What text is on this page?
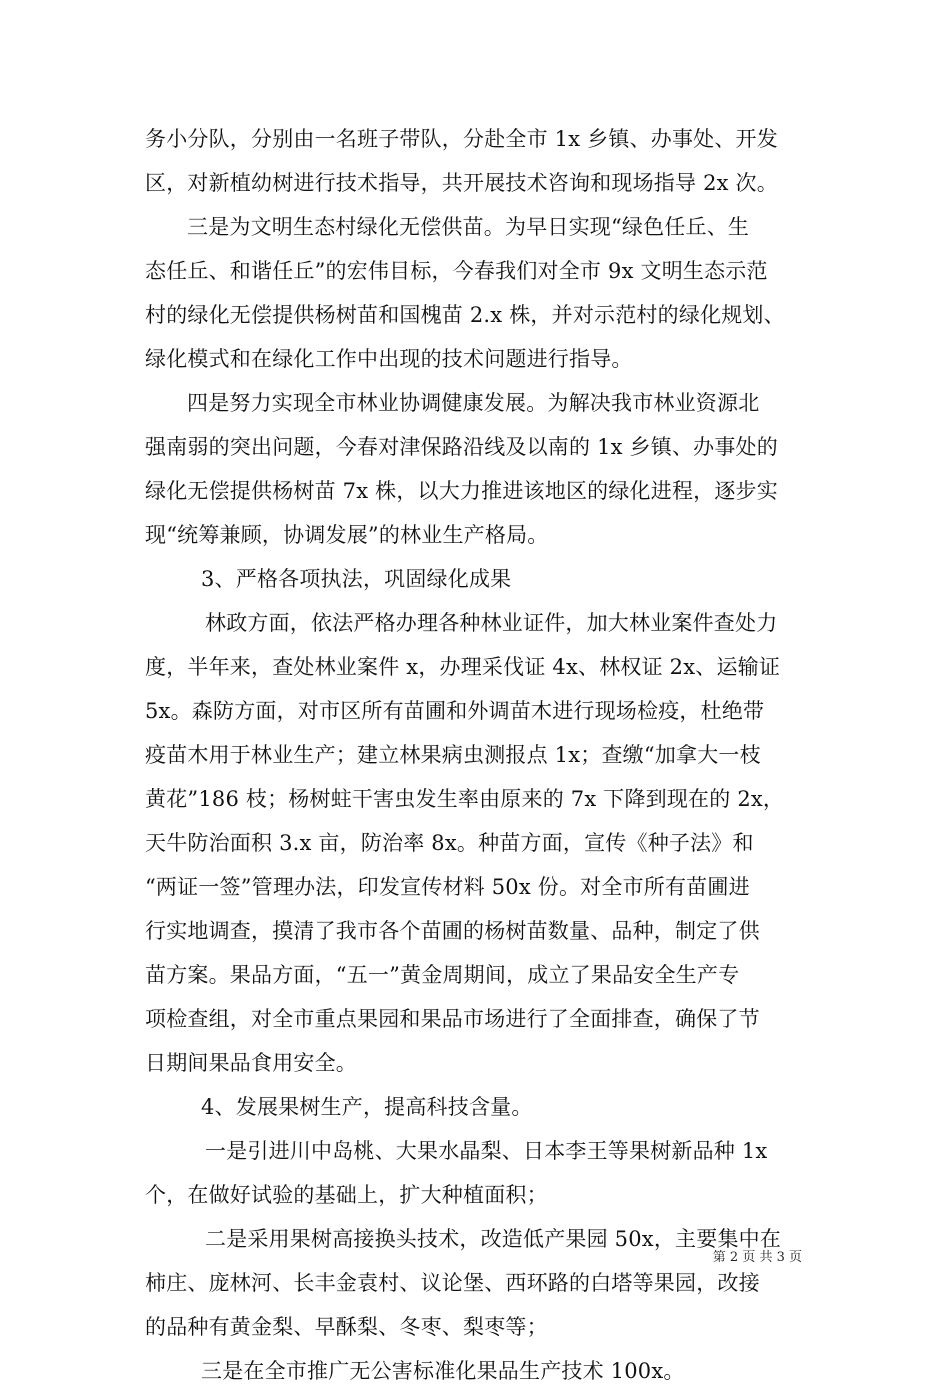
务小分队，分别由一名班子带队，分赴全市 1x 乡镇、办事处、开发
区，对新植幼树进行技术指导，共开展技术咨询和现场指导 2x 次。
三是为文明生态村绿化无偿供苗。为早日实现“绿色任丘、生
态任丘、和谐任丘”的宏伟目标，今春我们对全市 9x 文明生态示范
村的绿化无偿提供杨树苗和国槐苗 2.x 株，并对示范村的绿化规划、
绿化模式和在绿化工作中出现的技术问题进行指导。
四是努力实现全市林业协调健康发展。为解决我市林业资源北
强南弱的突出问题，今春对津保路沿线及以南的 1x 乡镇、办事处的
绿化无偿提供杨树苗 7x 株，以大力推进该地区的绿化进程，逐步实
现“统筹兼顾，协调发展”的林业生产格局。
3、严格各项执法，巩固绿化成果
林政方面，依法严格办理各种林业证件，加大林业案件查处力
度，半年来，查处林业案件 x，办理采伐证 4x、林权证 2x、运输证
5x。森防方面，对市区所有苗圃和外调苗木进行现场检疫，杜绝带
疫苗木用于林业生产；建立林果病虫测报点 1x；查缴“加拿大一枝
黄花”186 枝；杨树蛀干害虫发生率由原来的 7x 下降到现在的 2x，
天牛防治面积 3.x 亩，防治率 8x。种苗方面，宣传《种子法》和
“两证一签”管理办法，印发宣传材料 50x 份。对全市所有苗圃进
行实地调查，摸清了我市各个苗圃的杨树苗数量、品种，制定了供
苗方案。果品方面，“五一”黄金周期间，成立了果品安全生产专
项检查组，对全市重点果园和果品市场进行了全面排查，确保了节
日期间果品食用安全。
4、发展果树生产，提高科技含量。
一是引进川中岛桃、大果水晶梨、日本李王等果树新品种 1x
个，在做好试验的基础上，扩大种植面积；
二是采用果树高接换头技术，改造低产果园 50x，主要集中在
柿庄、庞林河、长丰金袁村、议论堡、西环路的白塔等果园，改接
的品种有黄金梨、早酥梨、冬枣、梨枣等；
三是在全市推广无公害标准化果品生产技术 100x。
第 2 页 共 3 页
